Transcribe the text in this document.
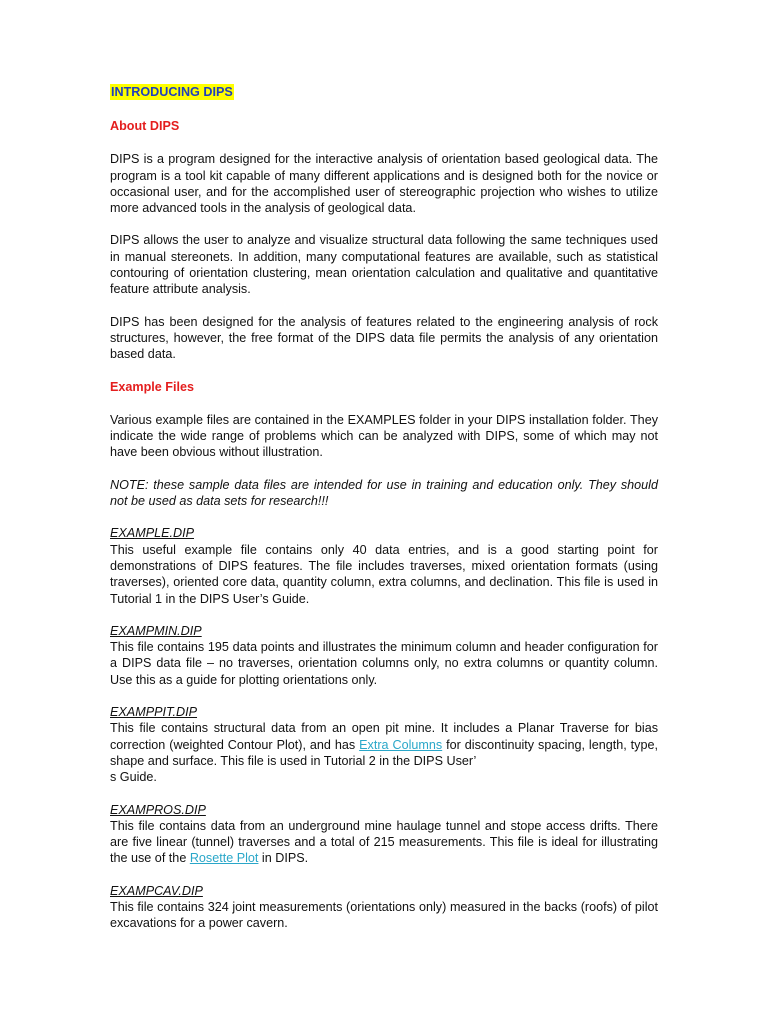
INTRODUCING DIPS

About DIPS

DIPS is a program designed for the interactive analysis of orientation based geological data. The program is a tool kit capable of many different applications and is designed both for the novice or occasional user, and for the accomplished user of stereographic projection who wishes to utilize more advanced tools in the analysis of geological data.

DIPS allows the user to analyze and visualize structural data following the same techniques used in manual stereonets. In addition, many computational features are available, such as statistical contouring of orientation clustering, mean orientation calculation and qualitative and quantitative feature attribute analysis.

DIPS has been designed for the analysis of features related to the engineering analysis of rock structures, however, the free format of the DIPS data file permits the analysis of any orientation based data.

Example Files

Various example files are contained in the EXAMPLES folder in your DIPS installation folder. They indicate the wide range of problems which can be analyzed with DIPS, some of which may not have been obvious without illustration.

NOTE: these sample data files are intended for use in training and education only. They should not be used as data sets for research!!!

EXAMPLE.DIP

This useful example file contains only 40 data entries, and is a good starting point for demonstrations of DIPS features. The file includes traverses, mixed orientation formats (using traverses), oriented core data, quantity column, extra columns, and declination. This file is used in Tutorial 1 in the DIPS User’s Guide.

EXAMPMIN.DIP

This file contains 195 data points and illustrates the minimum column and header configuration for a DIPS data file – no traverses, orientation columns only, no extra columns or quantity column. Use this as a guide for plotting orientations only.

EXAMPPIT.DIP

This file contains structural data from an open pit mine. It includes a Planar Traverse for bias correction (weighted Contour Plot), and has Extra Columns for discontinuity spacing, length, type, shape and surface. This file is used in Tutorial 2 in the DIPS User’
s Guide.

EXAMPROS.DIP

This file contains data from an underground mine haulage tunnel and stope access drifts. There are five linear (tunnel) traverses and a total of 215 measurements. This file is ideal for illustrating the use of the Rosette Plot in DIPS.

EXAMPCAV.DIP

This file contains 324 joint measurements (orientations only) measured in the backs (roofs) of pilot excavations for a power cavern.
